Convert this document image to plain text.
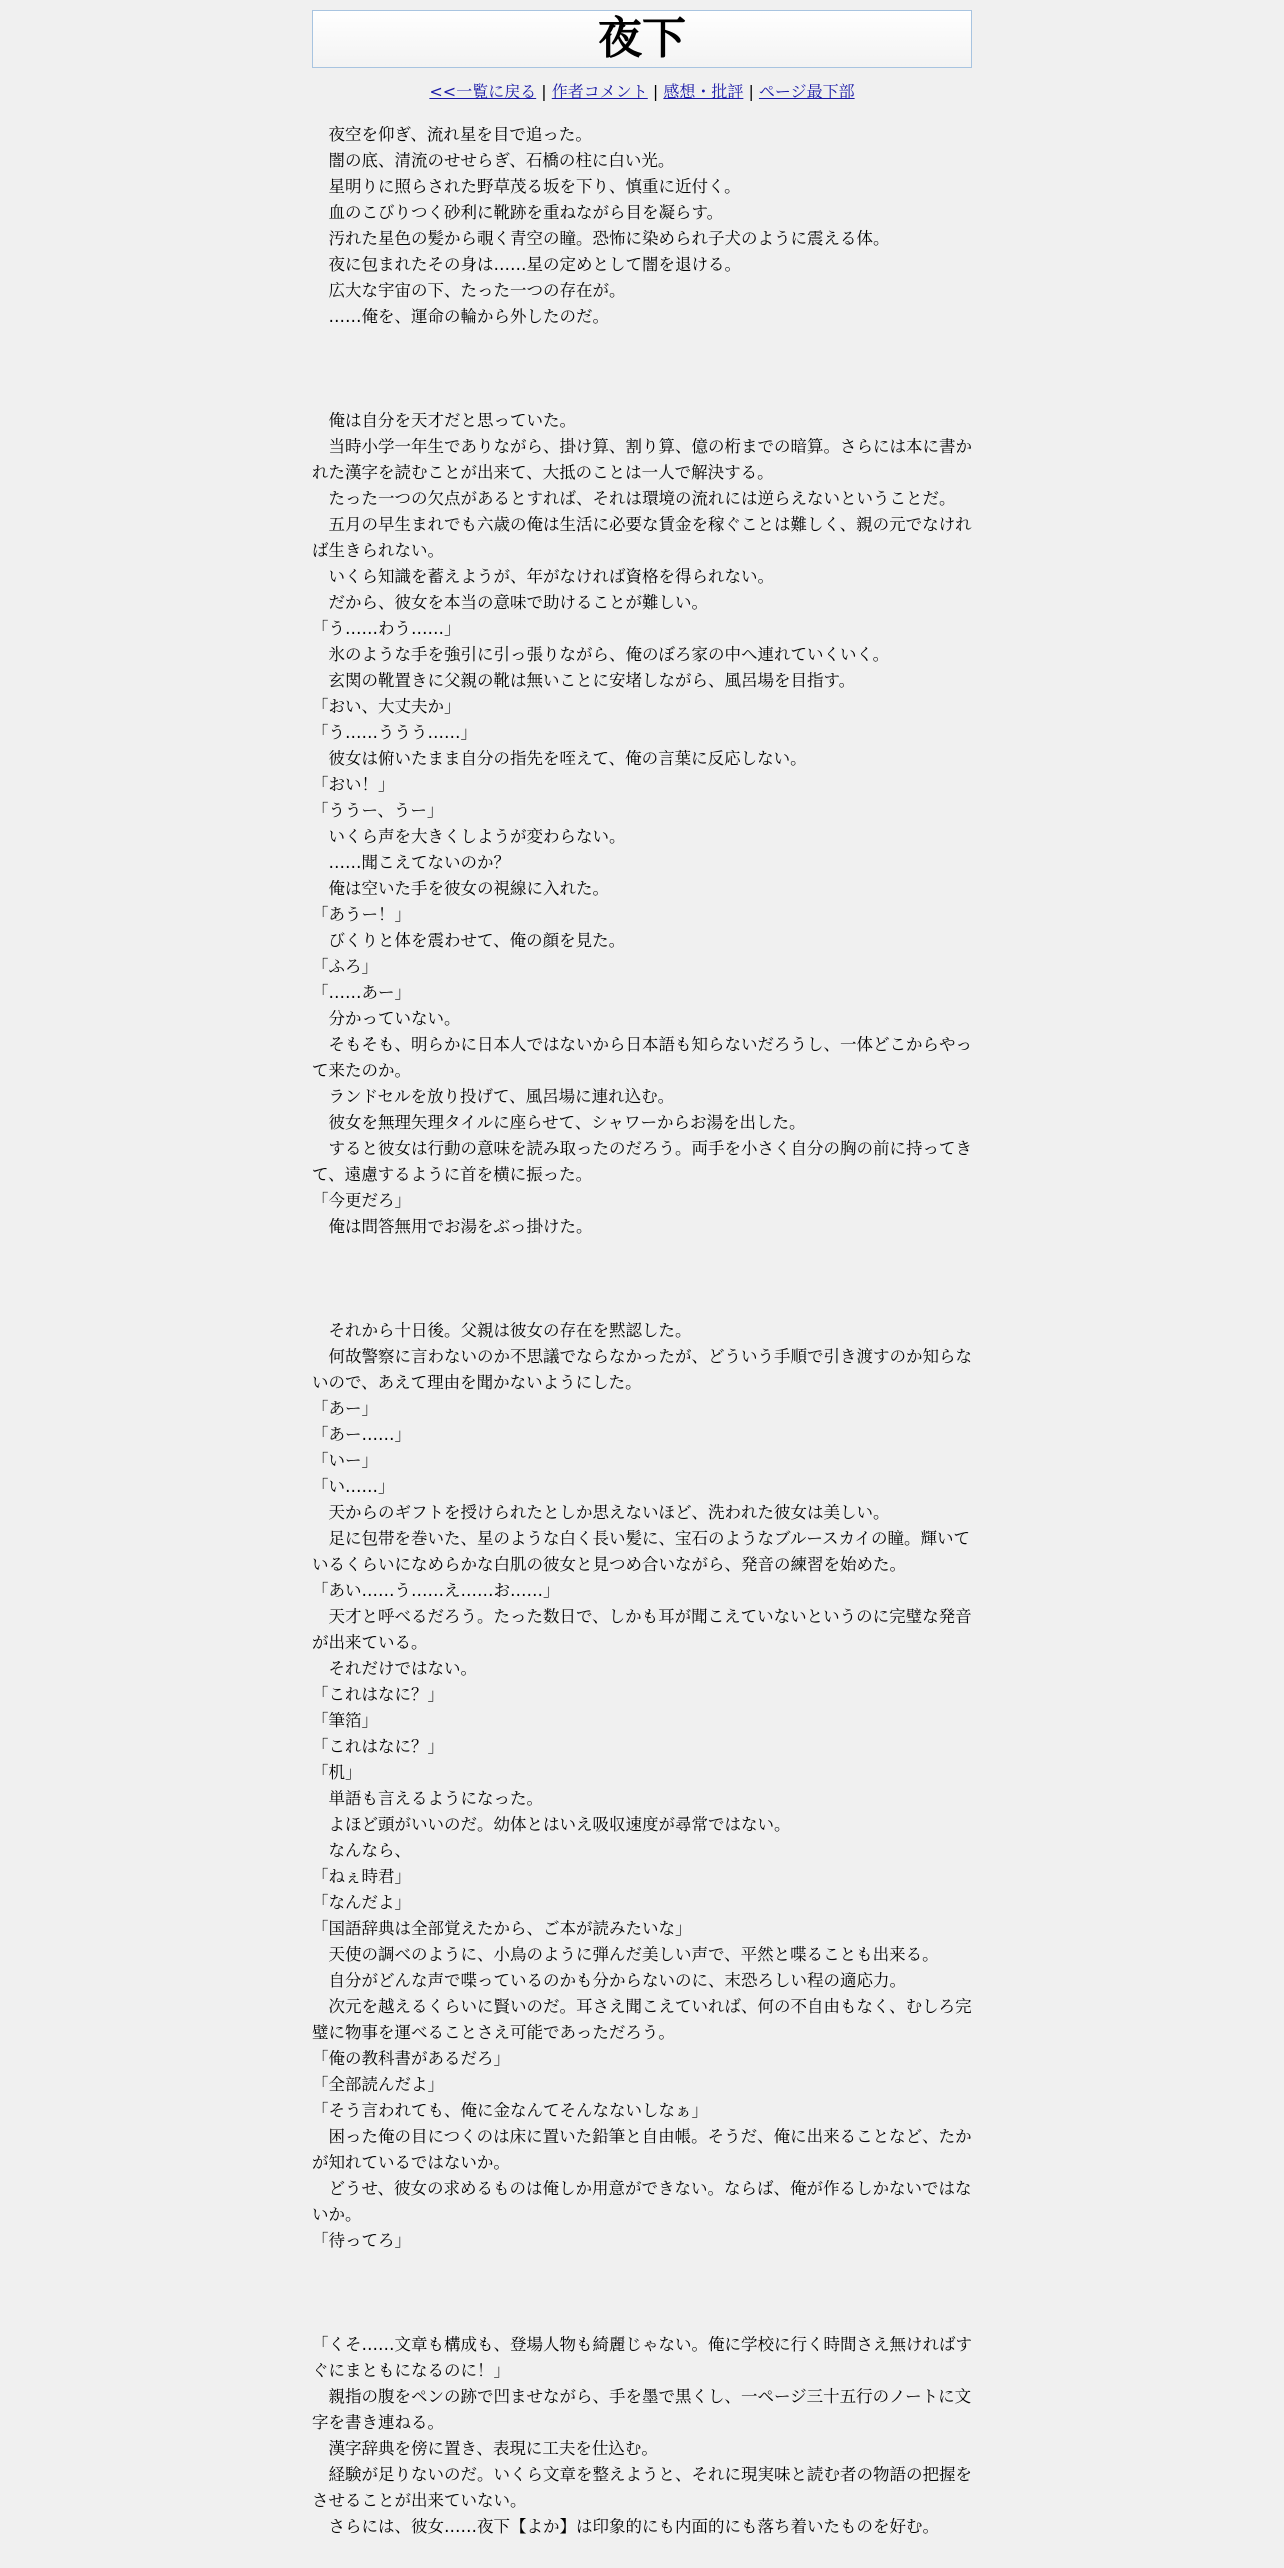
夜下
<<一覧に戻る | 作者コメント | 感想・批評 | ページ最下部

　夜空を仰ぎ、流れ星を目で追った。

　闇の底、清流のせせらぎ、石橋の柱に白い光。

　星明りに照らされた野草茂る坂を下り、慎重に近付く。

　血のこびりつく砂利に靴跡を重ねながら目を凝らす。

　汚れた星色の髪から覗く青空の瞳。恐怖に染められ子犬のように震える体。

　夜に包まれたその身は……星の定めとして闇を退ける。

　広大な宇宙の下、たった一つの存在が。

　……俺を、運命の輪から外したのだ。

　俺は自分を天才だと思っていた。

　当時小学一年生でありながら、掛け算、割り算、億の桁までの暗算。さらには本に書かれた漢字を読むことが出来て、大抵のことは一人で解決する。

　たった一つの欠点があるとすれば、それは環境の流れには逆らえないということだ。

　五月の早生まれでも六歳の俺は生活に必要な賃金を稼ぐことは難しく、親の元でなければ生きられない。

　いくら知識を蓄えようが、年がなければ資格を得られない。

　だから、彼女を本当の意味で助けることが難しい。

「う……わう……」

　氷のような手を強引に引っ張りながら、俺のぼろ家の中へ連れていくいく。

　玄関の靴置きに父親の靴は無いことに安堵しながら、風呂場を目指す。

「おい、大丈夫か」

「う……ううう……」

　彼女は俯いたまま自分の指先を咥えて、俺の言葉に反応しない。

「おい！」

「ううー、うー」

　いくら声を大きくしようが変わらない。

　……聞こえてないのか？

　俺は空いた手を彼女の視線に入れた。

「あうー！」

　びくりと体を震わせて、俺の顔を見た。

「ふろ」

「……あー」

　分かっていない。

　そもそも、明らかに日本人ではないから日本語も知らないだろうし、一体どこからやって来たのか。

　ランドセルを放り投げて、風呂場に連れ込む。

　彼女を無理矢理タイルに座らせて、シャワーからお湯を出した。

　すると彼女は行動の意味を読み取ったのだろう。両手を小さく自分の胸の前に持ってきて、遠慮するように首を横に振った。

「今更だろ」

　俺は問答無用でお湯をぶっ掛けた。

　それから十日後。父親は彼女の存在を黙認した。

　何故警察に言わないのか不思議でならなかったが、どういう手順で引き渡すのか知らないので、あえて理由を聞かないようにした。

「あー」

「あー……」

「いー」

「い……」

　天からのギフトを授けられたとしか思えないほど、洗われた彼女は美しい。

　足に包帯を巻いた、星のような白く長い髪に、宝石のようなブルースカイの瞳。輝いているくらいになめらかな白肌の彼女と見つめ合いながら、発音の練習を始めた。

「あい……う……え……お……」

　天才と呼べるだろう。たった数日で、しかも耳が聞こえていないというのに完璧な発音が出来ている。

　それだけではない。

「これはなに？」

「筆箔」

「これはなに？」

「机」

　単語も言えるようになった。

　よほど頭がいいのだ。幼体とはいえ吸収速度が尋常ではない。

　なんなら、

「ねぇ時君」

「なんだよ」

「国語辞典は全部覚えたから、ご本が読みたいな」

　天使の調べのように、小鳥のように弾んだ美しい声で、平然と喋ることも出来る。

　自分がどんな声で喋っているのかも分からないのに、末恐ろしい程の適応力。

　次元を越えるくらいに賢いのだ。耳さえ聞こえていれば、何の不自由もなく、むしろ完璧に物事を運べることさえ可能であっただろう。

「俺の教科書があるだろ」

「全部読んだよ」

「そう言われても、俺に金なんてそんなないしなぁ」

　困った俺の目につくのは床に置いた鉛筆と自由帳。そうだ、俺に出来ることなど、たかが知れているではないか。

　どうせ、彼女の求めるものは俺しか用意ができない。ならば、俺が作るしかないではないか。

「待ってろ」

「くそ……文章も構成も、登場人物も綺麗じゃない。俺に学校に行く時間さえ無ければすぐにまともになるのに！」

　親指の腹をペンの跡で凹ませながら、手を墨で黒くし、一ページ三十五行のノートに文字を書き連ねる。

　漢字辞典を傍に置き、表現に工夫を仕込む。

　経験が足りないのだ。いくら文章を整えようと、それに現実味と読む者の物語の把握をさせることが出来ていない。

　さらには、彼女……夜下【よか】は印象的にも内面的にも落ち着いたものを好む。
